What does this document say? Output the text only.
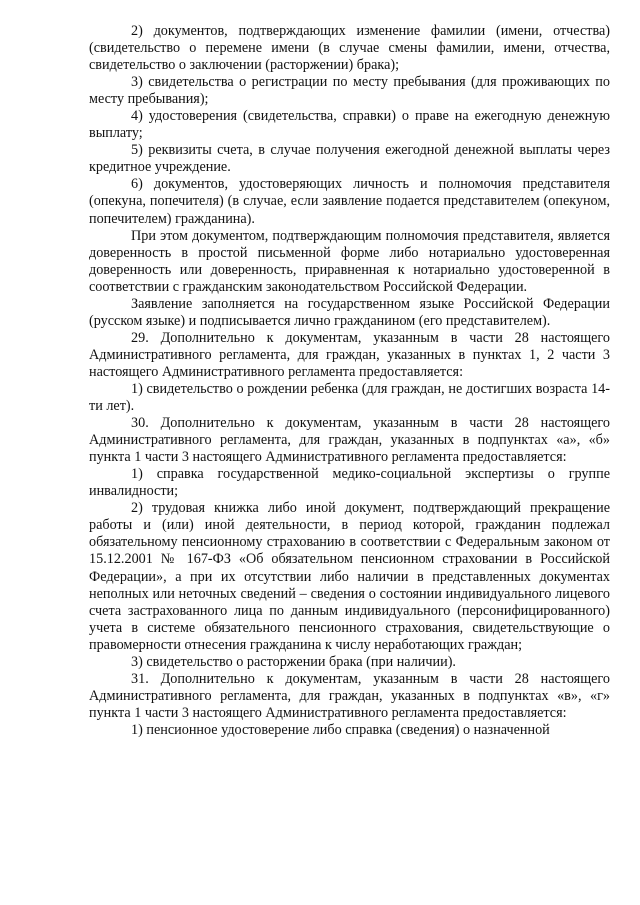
2) документов, подтверждающих изменение фамилии (имени, отчества) (свидетельство о перемене имени (в случае смены фамилии, имени, отчества, свидетельство о заключении (расторжении) брака);

3) свидетельства о регистрации по месту пребывания (для проживающих по месту пребывания);

4) удостоверения (свидетельства, справки) о праве на ежегодную денежную выплату;

5) реквизиты счета, в случае получения ежегодной денежной выплаты через кредитное учреждение.

6) документов, удостоверяющих личность и полномочия представителя (опекуна, попечителя) (в случае, если заявление подается представителем (опекуном, попечителем) гражданина).

При этом документом, подтверждающим полномочия представителя, является доверенность в простой письменной форме либо нотариально удостоверенная доверенность или доверенность, приравненная к нотариально удостоверенной в соответствии с гражданским законодательством Российской Федерации.

Заявление заполняется на государственном языке Российской Федерации (русском языке) и подписывается лично гражданином (его представителем).

29. Дополнительно к документам, указанным в части 28 настоящего Административного регламента, для граждан, указанных в пунктах 1, 2 части 3 настоящего Административного регламента предоставляется:

1) свидетельство о рождении ребенка (для граждан, не достигших возраста 14-ти лет).

30. Дополнительно к документам, указанным в части 28 настоящего Административного регламента, для граждан, указанных в подпунктах «а», «б» пункта 1 части 3 настоящего Административного регламента предоставляется:

1) справка государственной медико-социальной экспертизы о группе инвалидности;

2) трудовая книжка либо иной документ, подтверждающий прекращение работы и (или) иной деятельности, в период которой, гражданин подлежал обязательному пенсионному страхованию в соответствии с Федеральным законом от 15.12.2001 № 167-ФЗ «Об обязательном пенсионном страховании в Российской Федерации», а при их отсутствии либо наличии в представленных документах неполных или неточных сведений – сведения о состоянии индивидуального лицевого счета застрахованного лица по данным индивидуального (персонифицированного) учета в системе обязательного пенсионного страхования, свидетельствующие о правомерности отнесения гражданина к числу неработающих граждан;

3) свидетельство о расторжении брака (при наличии).

31. Дополнительно к документам, указанным в части 28 настоящего Административного регламента, для граждан, указанных в подпунктах «в», «г» пункта 1 части 3 настоящего Административного регламента предоставляется:

1) пенсионное удостоверение либо справка (сведения) о назначенной
